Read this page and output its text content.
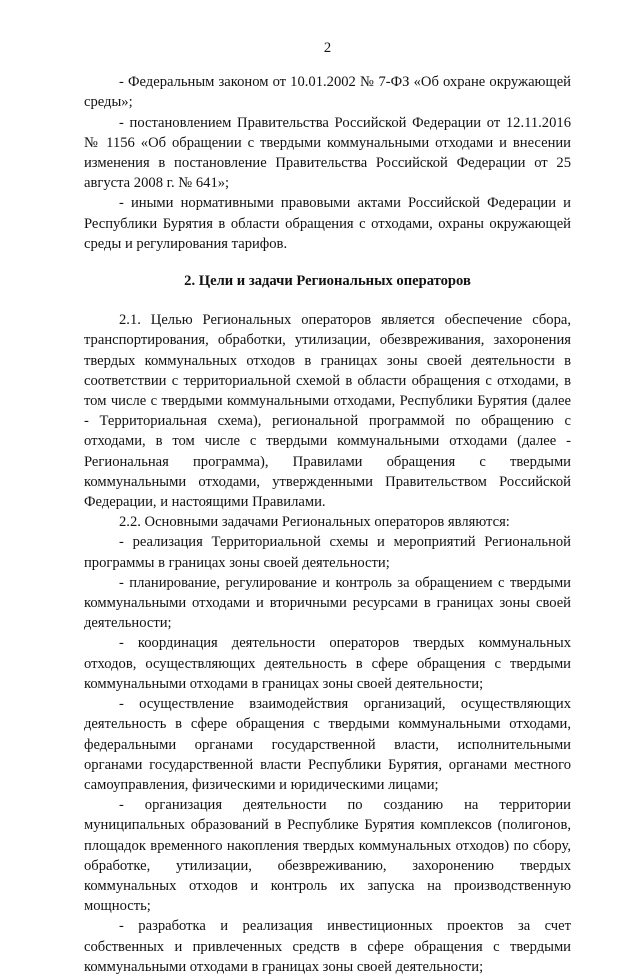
2

- Федеральным законом от 10.01.2002 № 7-ФЗ «Об охране окружающей среды»;

- постановлением Правительства Российской Федерации от 12.11.2016 № 1156 «Об обращении с твердыми коммунальными отходами и внесении изменения в постановление Правительства Российской Федерации от 25 августа 2008 г. № 641»;

- иными нормативными правовыми актами Российской Федерации и Республики Бурятия в области обращения с отходами, охраны окружающей среды и регулирования тарифов.

2. Цели и задачи Региональных операторов

2.1. Целью Региональных операторов является обеспечение сбора, транспортирования, обработки, утилизации, обезвреживания, захоронения твердых коммунальных отходов в границах зоны своей деятельности в соответствии с территориальной схемой в области обращения с отходами, в том числе с твердыми коммунальными отходами, Республики Бурятия (далее - Территориальная схема), региональной программой по обращению с отходами, в том числе с твердыми коммунальными отходами (далее - Региональная программа), Правилами обращения с твердыми коммунальными отходами, утвержденными Правительством Российской Федерации, и настоящими Правилами.

2.2. Основными задачами Региональных операторов являются:

- реализация Территориальной схемы и мероприятий Региональной программы в границах зоны своей деятельности;

- планирование, регулирование и контроль за обращением с твердыми коммунальными отходами и вторичными ресурсами в границах зоны своей деятельности;

- координация деятельности операторов твердых коммунальных отходов, осуществляющих деятельность в сфере обращения с твердыми коммунальными отходами в границах зоны своей деятельности;

- осуществление взаимодействия организаций, осуществляющих деятельность в сфере обращения с твердыми коммунальными отходами, федеральными органами государственной власти, исполнительными органами государственной власти Республики Бурятия, органами местного самоуправления, физическими и юридическими лицами;

- организация деятельности по созданию на территории муниципальных образований в Республике Бурятия комплексов (полигонов, площадок временного накопления твердых коммунальных отходов) по сбору, обработке, утилизации, обезвреживанию, захоронению твердых коммунальных отходов и контроль их запуска на производственную мощность;

- разработка и реализация инвестиционных проектов за счет собственных и привлеченных средств в сфере обращения с твердыми коммунальными отходами в границах зоны своей деятельности;
